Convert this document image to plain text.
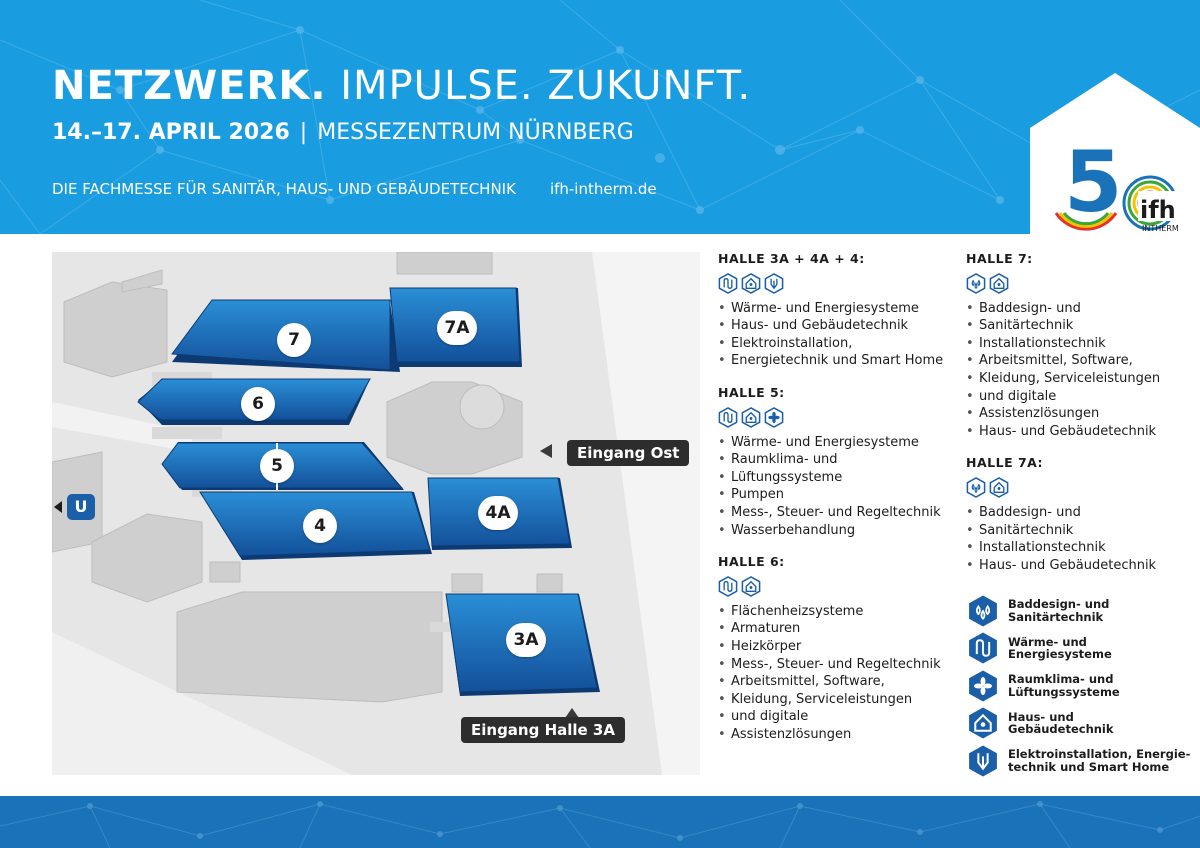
NETZWERK. IMPULSE. ZUKUNFT.
14.–17. APRIL 2026 | MESSEZENTRUM NÜRNBERG
DIE FACHMESSE FÜR SANITÄR, HAUS- UND GEBÄUDETECHNIK ifh-intherm.de	5 ifh
INTHERM
7
7A
6
5
4
4A
3A
Eingang Ost
Eingang Halle 3A
U
HALLE 3A + 4A + 4:
• Wärme- und Energiesysteme
• Haus- und Gebäudetechnik
• Elektroinstallation,
• Energietechnik und Smart Home
HALLE 5:
• Wärme- und Energiesysteme
• Raumklima- und
• Lüftungssysteme
• Pumpen
• Mess-, Steuer- und Regeltechnik
• Wasserbehandlung
HALLE 6:
• Flächenheizsysteme
• Armaturen
• Heizkörper
• Mess-, Steuer- und Regeltechnik
• Arbeitsmittel, Software,
• Kleidung, Serviceleistungen
• und digitale
• Assistenzlösungen
HALLE 7:
• Baddesign- und
• Sanitärtechnik
• Installationstechnik
• Arbeitsmittel, Software,
• Kleidung, Serviceleistungen
• und digitale
• Assistenzlösungen
• Haus- und Gebäudetechnik
HALLE 7A:
• Baddesign- und
• Sanitärtechnik
• Installationstechnik
• Haus- und Gebäudetechnik
Baddesign- und
Sanitärtechnik
Wärme- und
Energiesysteme
Raumklima- und
Lüftungssysteme
Haus- und
Gebäudetechnik
Elektroinstallation, Energie-
technik und Smart Home
